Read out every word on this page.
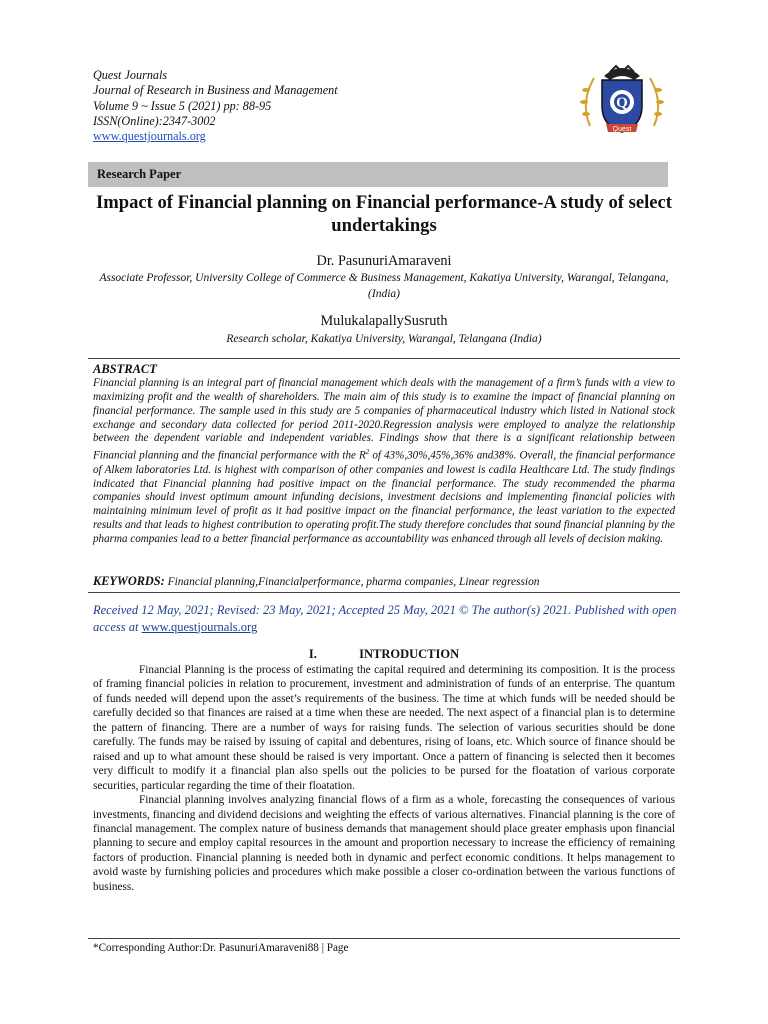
Quest Journals
Journal of Research in Business and Management
Volume 9 ~ Issue 5 (2021) pp: 88-95
ISSN(Online):2347-3002
www.questjournals.org
Q
Quest
Research Paper
Impact of Financial planning on Financial performance-A study of select undertakings
Dr. PasunuriAmaraveni
Associate Professor, University College of Commerce & Business Management, Kakatiya University, Warangal, Telangana, (India)
MulukalapallySusruth
Research scholar, Kakatiya University, Warangal, Telangana (India)
ABSTRACT
Financial planning is an integral part of financial management which deals with the management of a firm’s funds with a view to maximizing profit and the wealth of shareholders. The main aim of this study is to examine the impact of financial planning on financial performance. The sample used in this study are 5 companies of pharmaceutical industry which listed in National stock exchange and secondary data collected for period 2011-2020.Regression analysis were employed to analyze the relationship between the dependent variable and independent variables. Findings show that there is a significant relationship between Financial planning and the financial performance with the $R^2$ of 43%,30%,45%,36% and38%. Overall, the financial performance of Alkem laboratories Ltd. is highest with comparison of other companies and lowest is cadila Healthcare Ltd. The study findings indicated that Financial planning had positive impact on the financial performance. The study recommended the pharma companies should invest optimum amount infunding decisions, investment decisions and implementing financial policies with maintaining minimum level of profit as it had positive impact on the financial performance, the least variation to the expected results and that leads to highest contribution to operating profit.The study therefore concludes that sound financial planning by the pharma companies lead to a better financial performance as accountability was enhanced through all levels of decision making.
KEYWORDS: Financial planning,Financialperformance, pharma companies, Linear regression
Received 12 May, 2021; Revised: 23 May, 2021; Accepted 25 May, 2021 © The author(s) 2021. Published with open access at www.questjournals.org
I.	INTRODUCTION

Financial Planning is the process of estimating the capital required and determining its composition. It is the process of framing financial policies in relation to procurement, investment and administration of funds of an enterprise. The quantum of funds needed will depend upon the asset’s requirements of the business. The time at which funds will be needed should be carefully decided so that finances are raised at a time when these are needed. The next aspect of a financial plan is to determine the pattern of financing. There are a number of ways for raising funds. The selection of various securities should be done carefully. The funds may be raised by issuing of capital and debentures, rising of loans, etc. Which source of finance should be raised and up to what amount these should be raised is very important. Once a pattern of financing is selected then it becomes very difficult to modify it a financial plan also spells out the policies to be pursed for the floatation of various corporate securities, particular regarding the time of their floatation.

Financial planning involves analyzing financial flows of a firm as a whole, forecasting the consequences of various investments, financing and dividend decisions and weighting the effects of various alternatives. Financial planning is the core of financial management. The complex nature of business demands that management should place greater emphasis upon financial planning to secure and employ capital resources in the amount and proportion necessary to increase the efficiency of remaining factors of production. Financial planning is needed both in dynamic and perfect economic conditions. It helps management to avoid waste by furnishing policies and procedures which make possible a closer co-ordination between the various functions of business.

*Corresponding Author:Dr. PasunuriAmaraveni88 | Page
